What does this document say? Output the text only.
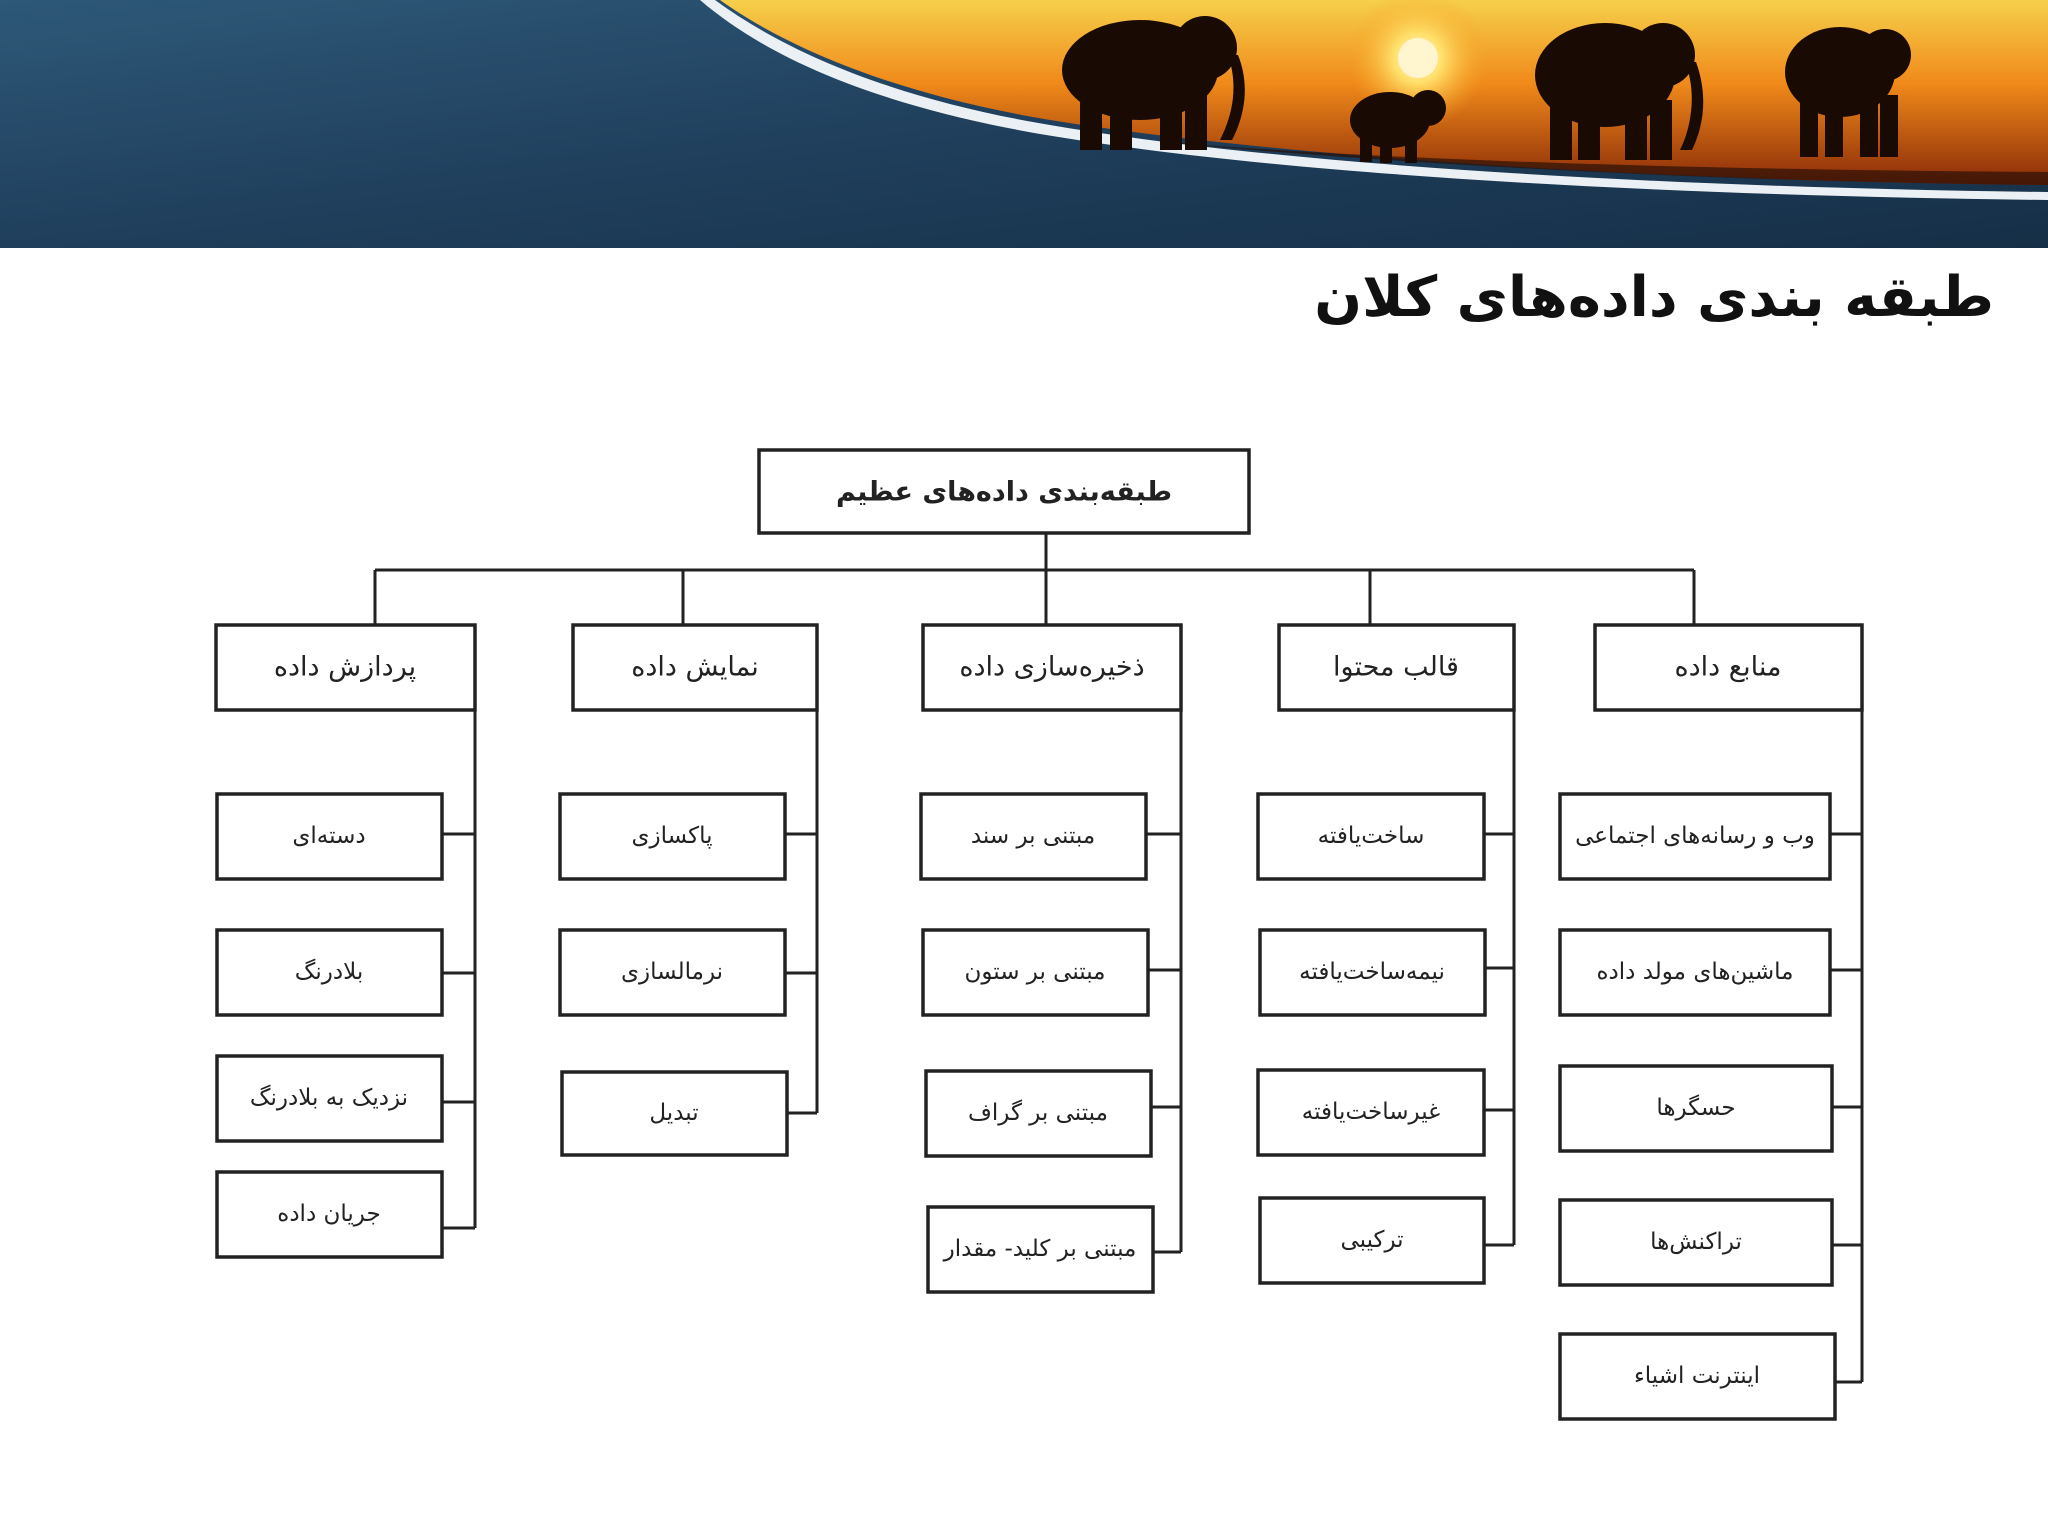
طبقه بندی داده‌های کلان
طبقه‌بندی داده‌های عظیم
منابع داده
وب و رسانه‌های اجتماعی
ماشین‌های مولد داده
حسگرها
تراکنش‌ها
اینترنت اشیاء
قالب محتوا
ساخت‌یافته
نیمه‌ساخت‌یافته
غیرساخت‌یافته
ترکیبی
ذخیره‌سازی داده
مبتنی بر سند
مبتنی بر ستون
مبتنی بر گراف
مبتنی بر کلید- مقدار
نمایش داده
پاکسازی
نرمالسازی
تبدیل
پردازش داده
دسته‌ای
بلادرنگ
نزدیک به بلادرنگ
جریان داده
